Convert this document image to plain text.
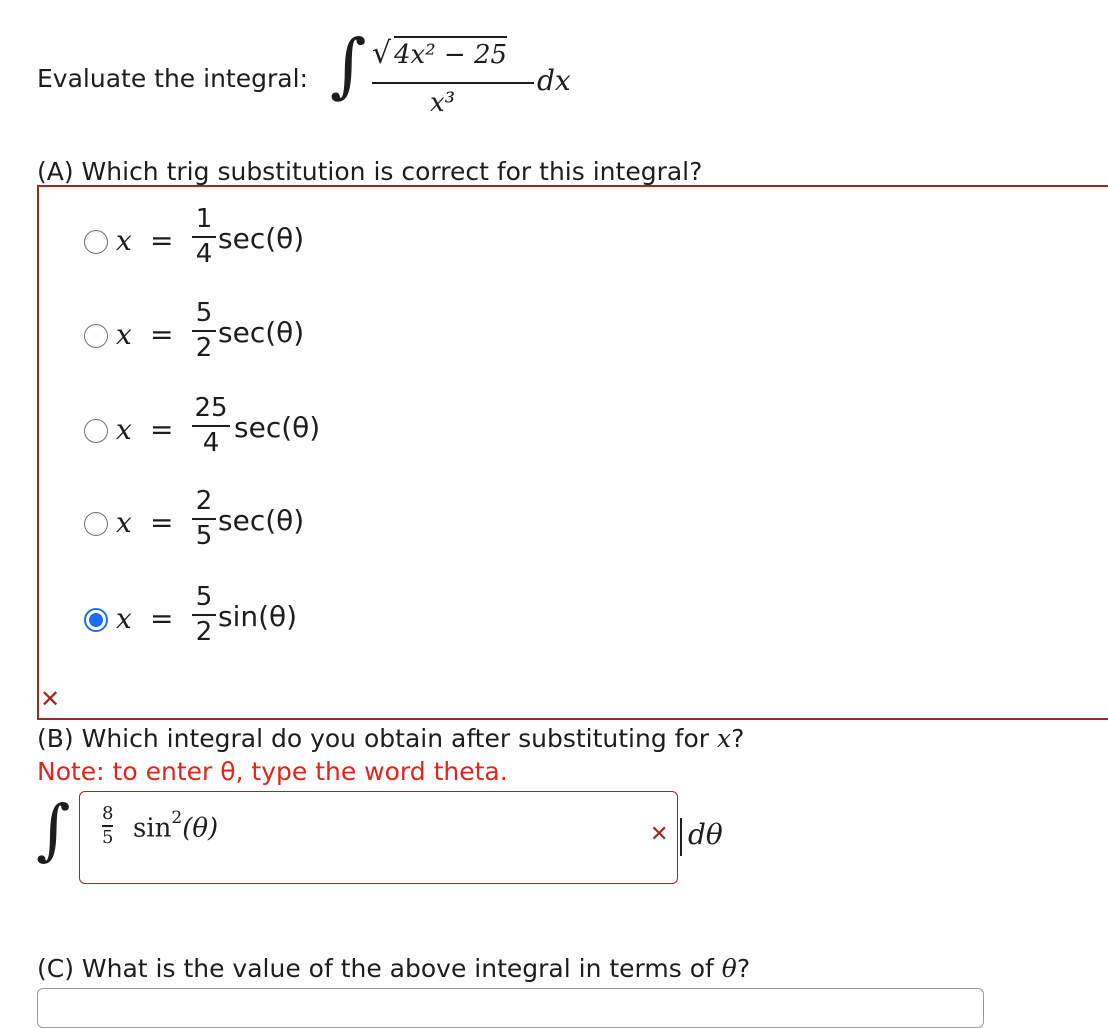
Evaluate the integral: ∫ √ 4x² − 25
x³
dx
(A) Which trig substitution is correct for this integral?
x =
1
4 sec(θ)
x =
5
2 sec(θ)
x =
25
4 sec(θ)
x =
2
5 sec(θ)
x =
5
2 sin(θ)
✕
(B) Which integral do you obtain after substituting for x?
Note: to enter θ, type the word theta.
∫ 8
5 $\sin^2(\theta)$	✕ dθ
(C) What is the value of the above integral in terms of θ?
